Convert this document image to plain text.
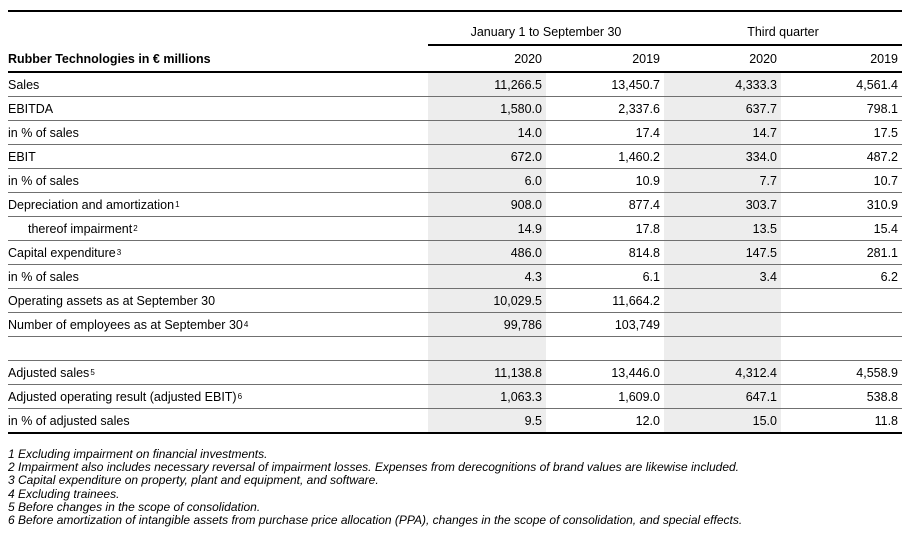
January 1 to September 30	Third quarter
Rubber Technologies in € millions	2020	2019	2020	2019
Sales	11,266.5	13,450.7	4,333.3	4,561.4
EBITDA	1,580.0	2,337.6	637.7	798.1
in % of sales	14.0	17.4	14.7	17.5
EBIT	672.0	1,460.2	334.0	487.2
in % of sales	6.0	10.9	7.7	10.7
Depreciation and amortization 1	908.0	877.4	303.7	310.9
thereof impairment 2	14.9	17.8	13.5	15.4
Capital expenditure 3	486.0	814.8	147.5	281.1
in % of sales	4.3	6.1	3.4	6.2
Operating assets as at September 30	10,029.5	11,664.2
Number of employees as at September 30 4	99,786	103,749
Adjusted sales 5	11,138.8	13,446.0	4,312.4	4,558.9
Adjusted operating result (adjusted EBIT) 6	1,063.3	1,609.0	647.1	538.8
in % of adjusted sales	9.5	12.0	15.0	11.8

1 Excluding impairment on financial investments.

2 Impairment also includes necessary reversal of impairment losses. Expenses from derecognitions of brand values are likewise included.

3 Capital expenditure on property, plant and equipment, and software.

4 Excluding trainees.

5 Before changes in the scope of consolidation.

6 Before amortization of intangible assets from purchase price allocation (PPA), changes in the scope of consolidation, and special effects.
